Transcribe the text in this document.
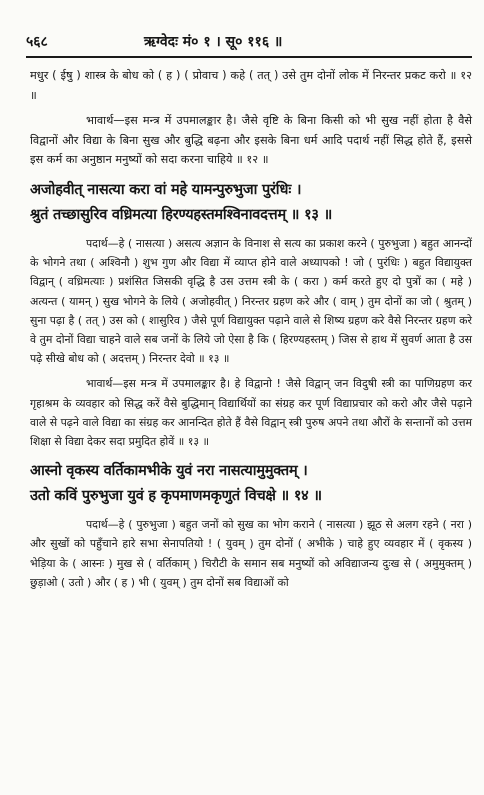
५६८	ऋग्वेदः मं० १ । सू० ११६ ॥

मधुर ( ईषु ) शास्त्र के बोध को ( ह ) ( प्रोवाच ) कहे ( तत् ) उसे तुम दोनों लोक में निरन्तर प्रकट करो ॥ १२ ॥

भावार्थ—इस मन्त्र में उपमालङ्कार है। जैसे वृष्टि के बिना किसी को भी सुख नहीं होता है वैसे विद्वानों और विद्या के बिना सुख और बुद्धि बढ़ना और इसके बिना धर्म आदि पदार्थ नहीं सिद्ध होते हैं, इससे इस कर्म का अनुष्ठान मनुष्यों को सदा करना चाहिये ॥ १२ ॥

अजोहवीत् नासत्या करा वां महे यामन्पुरुभुजा पुरंधिः ।

श्रुतं तच्छासुरिव वध्रिमत्या हिरण्यहस्तमश्विनावदत्तम् ॥ १३ ॥

पदार्थ—हे ( नासत्या ) असत्य अज्ञान के विनाश से सत्य का प्रकाश करने ( पुरुभुजा ) बहुत आनन्दों के भोगने तथा ( अश्विनौ ) शुभ गुण और विद्या में व्याप्त होने वाले अध्यापको ! जो ( पुरंधिः ) बहुत विद्यायुक्त विद्वान् ( वध्रिमत्याः ) प्रशंसित जिसकी वृद्धि है उस उत्तम स्त्री के ( करा ) कर्म करते हुए दो पुत्रों का ( महे ) अत्यन्त ( यामन् ) सुख भोगने के लिये ( अजोहवीत् ) निरन्तर ग्रहण करे और ( वाम् ) तुम दोनों का जो ( श्रुतम् ) सुना पढ़ा है ( तत् ) उस को ( शासुरिव ) जैसे पूर्ण विद्यायुक्त पढ़ाने वाले से शिष्य ग्रहण करे वैसे निरन्तर ग्रहण करे वे तुम दोनों विद्या चाहने वाले सब जनों के लिये जो ऐसा है कि ( हिरण्यहस्तम् ) जिस से हाथ में सुवर्ण आता है उस पढ़े सीखे बोध को ( अदत्तम् ) निरन्तर देवो ॥ १३ ॥

भावार्थ—इस मन्त्र में उपमालङ्कार है। हे विद्वानो ! जैसे विद्वान् जन विदुषी स्त्री का पाणिग्रहण कर गृहाश्रम के व्यवहार को सिद्ध करें वैसे बुद्धिमान् विद्यार्थियों का संग्रह कर पूर्ण विद्याप्रचार को करो और जैसे पढ़ाने वाले से पढ़ने वाले विद्या का संग्रह कर आनन्दित होते हैं वैसे विद्वान् स्त्री पुरुष अपने तथा औरों के सन्तानों को उत्तम शिक्षा से विद्या देकर सदा प्रमुदित होवें ॥ १३ ॥

आस्नो वृकस्य वर्तिकामभीके युवं नरा नासत्यामुमुक्तम् ।

उतो कविं पुरुभुजा युवं ह कृपमाणमकृणुतं विचक्षे ॥ १४ ॥

पदार्थ—हे ( पुरुभुजा ) बहुत जनों को सुख का भोग कराने ( नासत्या ) झूठ से अलग रहने ( नरा ) और सुखों को पहुँचाने हारे सभा सेनापतियो ! ( युवम् ) तुम दोनों ( अभीके ) चाहे हुए व्यवहार में ( वृकस्य ) भेड़िया के ( आस्नः ) मुख से ( वर्तिकाम् ) चिरौटी के समान सब मनुष्यों को अविद्याजन्य दुःख से ( अमुमुक्तम् ) छुड़ाओ ( उतो ) और ( ह ) भी ( युवम् ) तुम दोनों सब विद्याओं को
